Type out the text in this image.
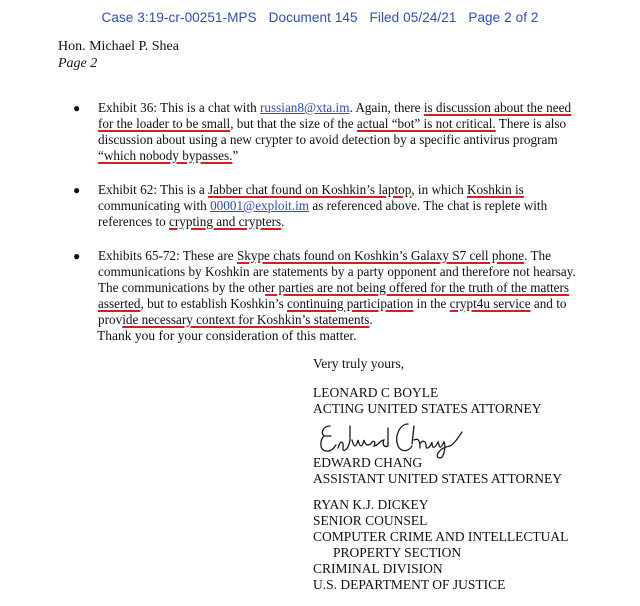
Case 3:19-cr-00251-MPS Document 145 Filed 05/24/21 Page 2 of 2
Hon. Michael P. Shea
Page 2
● Exhibit 36: This is a chat with russian8@xta.im. Again, there is discussion about the need for the loader to be small, but that the size of the actual “bot” is not critical. There is also discussion about using a new crypter to avoid detection by a specific antivirus program “which nobody bypasses.”
● Exhibit 62: This is a Jabber chat found on Koshkin’s laptop, in which Koshkin is communicating with 00001@exploit.im as referenced above. The chat is replete with references to crypting and crypters.
● Exhibits 65-72: These are Skype chats found on Koshkin’s Galaxy S7 cell phone. The communications by Koshkin are statements by a party opponent and therefore not hearsay. The communications by the other parties are not being offered for the truth of the matters asserted, but to establish Koshkin’s continuing participation in the crypt4u service and to provide necessary context for Koshkin’s statements.
Thank you for your consideration of this matter.
Very truly yours,
LEONARD C BOYLE
ACTING UNITED STATES ATTORNEY
EDWARD CHANG
ASSISTANT UNITED STATES ATTORNEY
RYAN K.J. DICKEY
SENIOR COUNSEL
COMPUTER CRIME AND INTELLECTUAL
PROPERTY SECTION
CRIMINAL DIVISION
U.S. DEPARTMENT OF JUSTICE
